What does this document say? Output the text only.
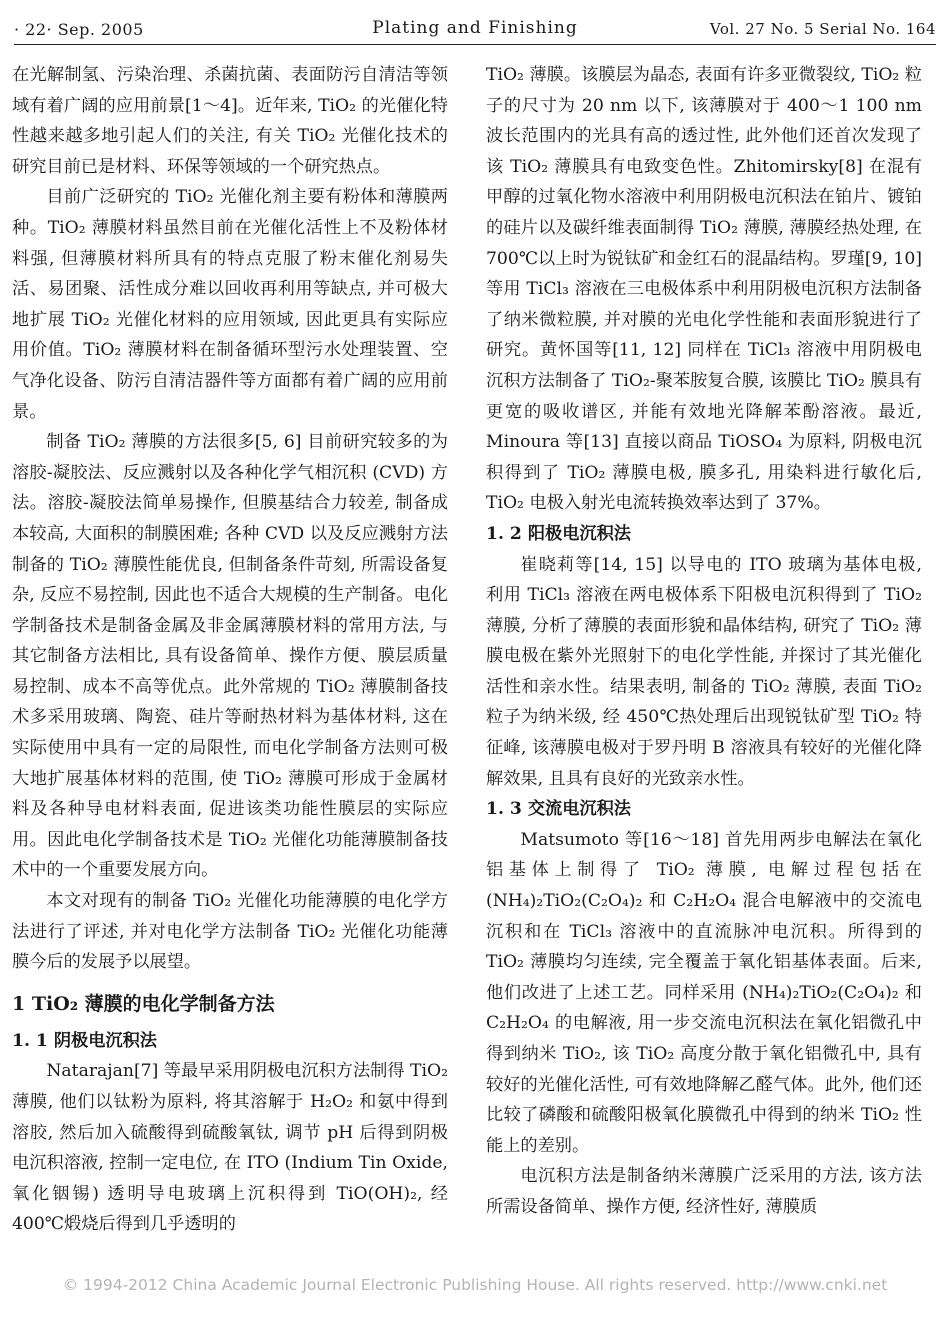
· 22· Sep. 2005	Plating and Finishing	Vol. 27 No. 5 Serial No. 164

在光解制氢、污染治理、杀菌抗菌、表面防污自清洁等领域有着广阔的应用前景[1～4]。近年来, TiO₂ 的光催化特性越来越多地引起人们的关注, 有关 TiO₂ 光催化技术的研究目前已是材料、环保等领域的一个研究热点。

目前广泛研究的 TiO₂ 光催化剂主要有粉体和薄膜两种。TiO₂ 薄膜材料虽然目前在光催化活性上不及粉体材料强, 但薄膜材料所具有的特点克服了粉末催化剂易失活、易团聚、活性成分难以回收再利用等缺点, 并可极大地扩展 TiO₂ 光催化材料的应用领域, 因此更具有实际应用价值。TiO₂ 薄膜材料在制备循环型污水处理装置、空气净化设备、防污自清洁器件等方面都有着广阔的应用前景。

制备 TiO₂ 薄膜的方法很多[5, 6] 目前研究较多的为溶胶-凝胶法、反应溅射以及各种化学气相沉积 (CVD) 方法。溶胶-凝胶法简单易操作, 但膜基结合力较差, 制备成本较高, 大面积的制膜困难; 各种 CVD 以及反应溅射方法制备的 TiO₂ 薄膜性能优良, 但制备条件苛刻, 所需设备复杂, 反应不易控制, 因此也不适合大规模的生产制备。电化学制备技术是制备金属及非金属薄膜材料的常用方法, 与其它制备方法相比, 具有设备简单、操作方便、膜层质量易控制、成本不高等优点。此外常规的 TiO₂ 薄膜制备技术多采用玻璃、陶瓷、硅片等耐热材料为基体材料, 这在实际使用中具有一定的局限性, 而电化学制备方法则可极大地扩展基体材料的范围, 使 TiO₂ 薄膜可形成于金属材料及各种导电材料表面, 促进该类功能性膜层的实际应用。因此电化学制备技术是 TiO₂ 光催化功能薄膜制备技术中的一个重要发展方向。

本文对现有的制备 TiO₂ 光催化功能薄膜的电化学方法进行了评述, 并对电化学方法制备 TiO₂ 光催化功能薄膜今后的发展予以展望。

1 TiO₂ 薄膜的电化学制备方法

1. 1 阴极电沉积法

Natarajan[7] 等最早采用阴极电沉积方法制得 TiO₂ 薄膜, 他们以钛粉为原料, 将其溶解于 H₂O₂ 和氨中得到溶胶, 然后加入硫酸得到硫酸氧钛, 调节 pH 后得到阴极电沉积溶液, 控制一定电位, 在 ITO (Indium Tin Oxide, 氧化铟锡) 透明导电玻璃上沉积得到 TiO(OH)₂, 经 400℃煅烧后得到几乎透明的

TiO₂ 薄膜。该膜层为晶态, 表面有许多亚微裂纹, TiO₂ 粒子的尺寸为 20 nm 以下, 该薄膜对于 400～1 100 nm 波长范围内的光具有高的透过性, 此外他们还首次发现了该 TiO₂ 薄膜具有电致变色性。Zhitomirsky[8] 在混有甲醇的过氧化物水溶液中利用阴极电沉积法在铂片、镀铂的硅片以及碳纤维表面制得 TiO₂ 薄膜, 薄膜经热处理, 在 700℃以上时为锐钛矿和金红石的混晶结构。罗瑾[9, 10] 等用 TiCl₃ 溶液在三电极体系中利用阴极电沉积方法制备了纳米微粒膜, 并对膜的光电化学性能和表面形貌进行了研究。黄怀国等[11, 12] 同样在 TiCl₃ 溶液中用阴极电沉积方法制备了 TiO₂-聚苯胺复合膜, 该膜比 TiO₂ 膜具有更宽的吸收谱区, 并能有效地光降解苯酚溶液。最近, Minoura 等[13] 直接以商品 TiOSO₄ 为原料, 阴极电沉积得到了 TiO₂ 薄膜电极, 膜多孔, 用染料进行敏化后, TiO₂ 电极入射光电流转换效率达到了 37%。

1. 2 阳极电沉积法

崔晓莉等[14, 15] 以导电的 ITO 玻璃为基体电极, 利用 TiCl₃ 溶液在两电极体系下阳极电沉积得到了 TiO₂ 薄膜, 分析了薄膜的表面形貌和晶体结构, 研究了 TiO₂ 薄膜电极在紫外光照射下的电化学性能, 并探讨了其光催化活性和亲水性。结果表明, 制备的 TiO₂ 薄膜, 表面 TiO₂ 粒子为纳米级, 经 450℃热处理后出现锐钛矿型 TiO₂ 特征峰, 该薄膜电极对于罗丹明 B 溶液具有较好的光催化降解效果, 且具有良好的光致亲水性。

1. 3 交流电沉积法

Matsumoto 等[16～18] 首先用两步电解法在氧化铝基体上制得了 TiO₂ 薄膜, 电解过程包括在 (NH₄)₂TiO₂(C₂O₄)₂ 和 C₂H₂O₄ 混合电解液中的交流电沉积和在 TiCl₃ 溶液中的直流脉冲电沉积。所得到的 TiO₂ 薄膜均匀连续, 完全覆盖于氧化铝基体表面。后来, 他们改进了上述工艺。同样采用 (NH₄)₂TiO₂(C₂O₄)₂ 和 C₂H₂O₄ 的电解液, 用一步交流电沉积法在氧化铝微孔中得到纳米 TiO₂, 该 TiO₂ 高度分散于氧化铝微孔中, 具有较好的光催化活性, 可有效地降解乙醛气体。此外, 他们还比较了磷酸和硫酸阳极氧化膜微孔中得到的纳米 TiO₂ 性能上的差别。

电沉积方法是制备纳米薄膜广泛采用的方法, 该方法所需设备简单、操作方便, 经济性好, 薄膜质

© 1994-2012 China Academic Journal Electronic Publishing House. All rights reserved. http://www.cnki.net
